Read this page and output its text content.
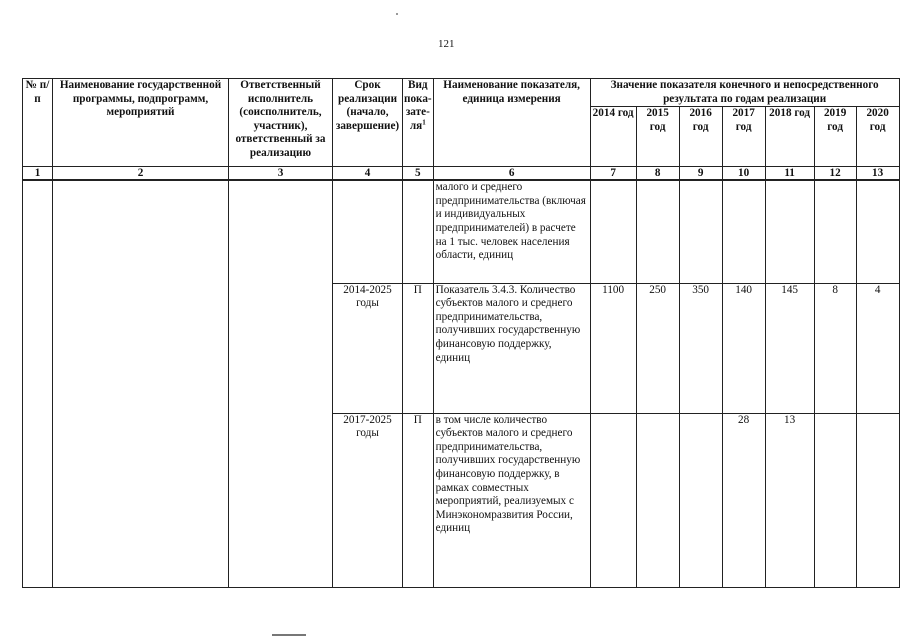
121
№ п/п	Наименование государственной программы, подпрограмм, мероприятий	Ответственный исполнитель (соисполнитель, участник), ответственный за реализацию	Срок реализации (начало, завершение)	Вид пока-$зате-ля^1$	Наименование показателя, единица измерения	Значение показателя конечного и непосредственного результата по годам реализации						
						2014 год	2015 год	2016 год	2017 год	2018 год	2019 год	2020 год
1	2	3	4	5	6	7	8	9	10	11	12	13
					малого и среднего предпринимательства (включая и индивидуальных предпринимателей) в расчете на 1 тыс. человек населения области, единиц							
			2014-2025 годы	П	Показатель 3.4.3. Количество субъектов малого и среднего предпринимательства, получивших государственную финансовую поддержку, единиц	1100	250	350	140	145	8	4
			2017-2025 годы	П	в том числе количество субъектов малого и среднего предпринимательства, получивших государственную финансовую поддержку, в рамках совместных мероприятий, реализуемых с Минэкономразвития России, единиц				28	13		
